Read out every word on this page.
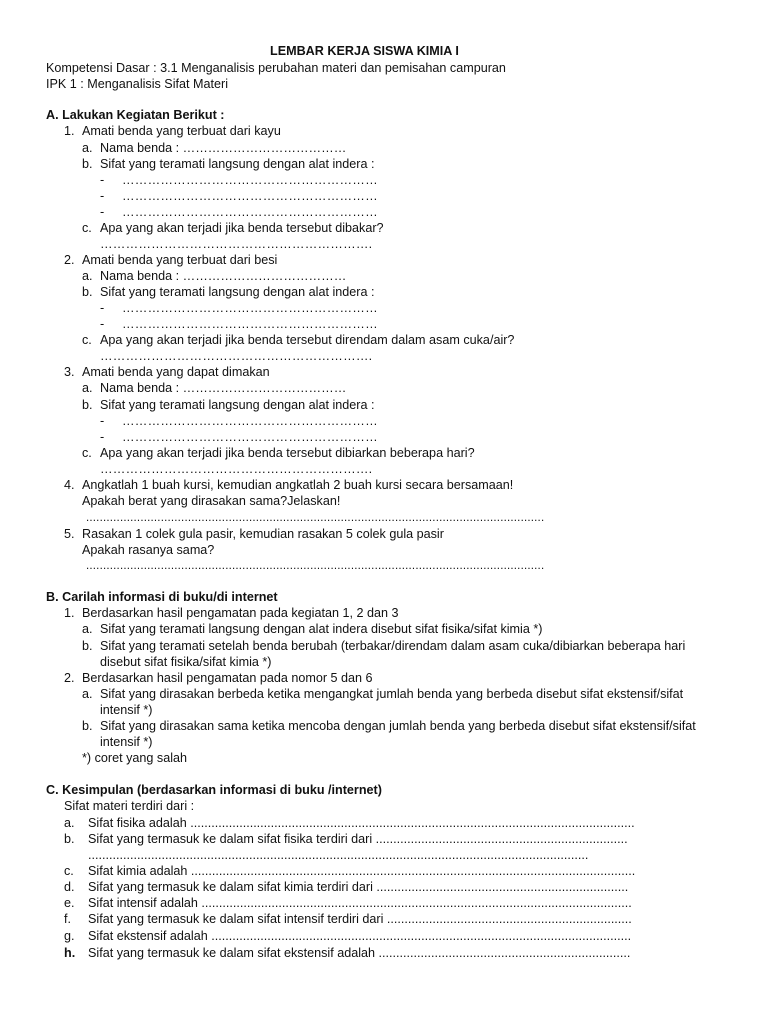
LEMBAR KERJA SISWA KIMIA I
Kompetensi Dasar : 3.1 Menganalisis perubahan materi dan pemisahan campuran
IPK 1 : Menganalisis Sifat Materi
A. Lakukan Kegiatan Berikut :
1. Amati benda yang terbuat dari kayu
a. Nama benda : …………………………………
b. Sifat yang teramati langsung dengan alat indera :
- ……………………………………………………
- ……………………………………………………
- ……………………………………………………
c. Apa yang akan terjadi jika benda tersebut dibakar?
……………………………………………………….
2. Amati benda yang terbuat dari besi
a. Nama benda : …………………………………
b. Sifat yang teramati langsung dengan alat indera :
- ……………………………………………………
- ……………………………………………………
c. Apa yang akan terjadi jika benda tersebut direndam dalam asam cuka/air?
……………………………………………………….
3. Amati benda yang dapat dimakan
a. Nama benda : …………………………………
b. Sifat yang teramati langsung dengan alat indera :
- ……………………………………………………
- ……………………………………………………
c. Apa yang akan terjadi jika benda tersebut dibiarkan beberapa hari?
……………………………………………………….
4. Angkatlah 1 buah kursi, kemudian angkatlah 2 buah kursi secara bersamaan!
Apakah berat yang dirasakan sama?Jelaskan!
.......................................................................................................................................
5. Rasakan 1 colek gula pasir, kemudian rasakan 5 colek gula pasir
Apakah rasanya sama?
.......................................................................................................................................
B. Carilah informasi di buku/di internet
1. Berdasarkan hasil pengamatan pada kegiatan 1, 2 dan 3
a. Sifat yang teramati langsung dengan alat indera disebut sifat fisika/sifat kimia *)
b. Sifat yang teramati setelah benda berubah (terbakar/direndam dalam asam cuka/dibiarkan beberapa hari
disebut sifat fisika/sifat kimia *)
2. Berdasarkan hasil pengamatan pada nomor 5 dan 6
a. Sifat yang dirasakan berbeda ketika mengangkat jumlah benda yang berbeda disebut sifat ekstensif/sifat
intensif *)
b. Sifat yang dirasakan sama ketika mencoba dengan jumlah benda yang berbeda disebut sifat ekstensif/sifat
intensif *)
*) coret yang salah
C. Kesimpulan (berdasarkan informasi di buku /internet)
Sifat materi terdiri dari :
a. Sifat fisika adalah ...............................................................................................................................
b. Sifat yang termasuk ke dalam sifat fisika terdiri dari ........................................................................
...............................................................................................................................................
c. Sifat kimia adalah ...............................................................................................................................
d. Sifat yang termasuk ke dalam sifat kimia terdiri dari ........................................................................
e. Sifat intensif adalah ...........................................................................................................................
f. Sifat yang termasuk ke dalam sifat intensif terdiri dari ......................................................................
g. Sifat ekstensif adalah ........................................................................................................................
h. Sifat yang termasuk ke dalam sifat ekstensif adalah ........................................................................
